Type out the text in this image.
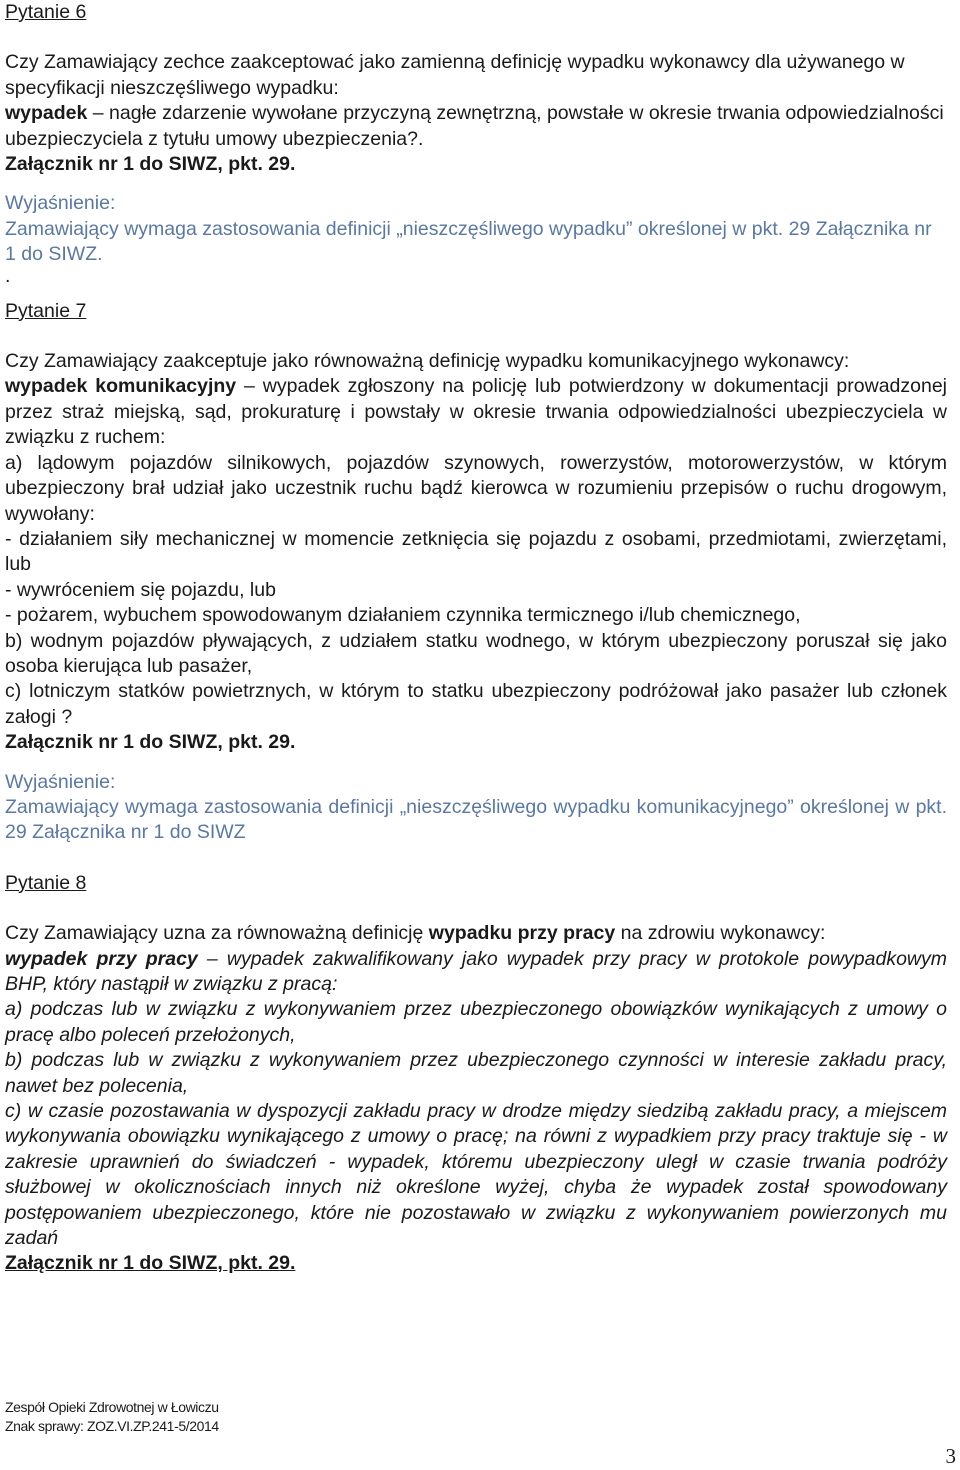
Pytanie 6

Czy Zamawiający zechce zaakceptować jako zamienną definicję wypadku wykonawcy dla używanego w specyfikacji nieszczęśliwego wypadku:
wypadek – nagłe zdarzenie wywołane przyczyną zewnętrzną, powstałe w okresie trwania odpowiedzialności ubezpieczyciela z tytułu umowy ubezpieczenia?.

Załącznik nr 1 do SIWZ, pkt. 29.

Wyjaśnienie:

Zamawiający wymaga zastosowania definicji „nieszczęśliwego wypadku” określonej w pkt. 29 Załącznika nr 1 do SIWZ.

.

Pytanie 7

Czy Zamawiający zaakceptuje jako równoważną definicję wypadku komunikacyjnego wykonawcy:

wypadek komunikacyjny – wypadek zgłoszony na policję lub potwierdzony w dokumentacji prowadzonej przez straż miejską, sąd, prokuraturę i powstały w okresie trwania odpowiedzialności ubezpieczyciela w związku z ruchem:

a) lądowym pojazdów silnikowych, pojazdów szynowych, rowerzystów, motorowerzystów, w którym ubezpieczony brał udział jako uczestnik ruchu bądź kierowca w rozumieniu przepisów o ruchu drogowym, wywołany:

- działaniem siły mechanicznej w momencie zetknięcia się pojazdu z osobami, przedmiotami, zwierzętami, lub

- wywróceniem się pojazdu, lub

- pożarem, wybuchem spowodowanym działaniem czynnika termicznego i/lub chemicznego,

b) wodnym pojazdów pływających, z udziałem statku wodnego, w którym ubezpieczony poruszał się jako osoba kierująca lub pasażer,

c) lotniczym statków powietrznych, w którym to statku ubezpieczony podróżował jako pasażer lub członek załogi ?

Załącznik nr 1 do SIWZ, pkt. 29.

Wyjaśnienie:

Zamawiający wymaga zastosowania definicji „nieszczęśliwego wypadku komunikacyjnego” określonej w pkt. 29 Załącznika nr 1 do SIWZ

Pytanie 8

Czy Zamawiający uzna za równoważną definicję wypadku przy pracy na zdrowiu wykonawcy:

wypadek przy pracy – wypadek zakwalifikowany jako wypadek przy pracy w protokole powypadkowym BHP, który nastąpił w związku z pracą:

a) podczas lub w związku z wykonywaniem przez ubezpieczonego obowiązków wynikających z umowy o pracę albo poleceń przełożonych,

b) podczas lub w związku z wykonywaniem przez ubezpieczonego czynności w interesie zakładu pracy, nawet bez polecenia,

c) w czasie pozostawania w dyspozycji zakładu pracy w drodze między siedzibą zakładu pracy, a miejscem wykonywania obowiązku wynikającego z umowy o pracę; na równi z wypadkiem przy pracy traktuje się - w zakresie uprawnień do świadczeń - wypadek, któremu ubezpieczony uległ w czasie trwania podróży służbowej w okolicznościach innych niż określone wyżej, chyba że wypadek został spowodowany postępowaniem ubezpieczonego, które nie pozostawało w związku z wykonywaniem powierzonych mu zadań

Załącznik nr 1 do SIWZ, pkt. 29.

Zespół Opieki Zdrowotnej w Łowiczu
Znak sprawy: ZOZ.VI.ZP.241-5/2014
3
